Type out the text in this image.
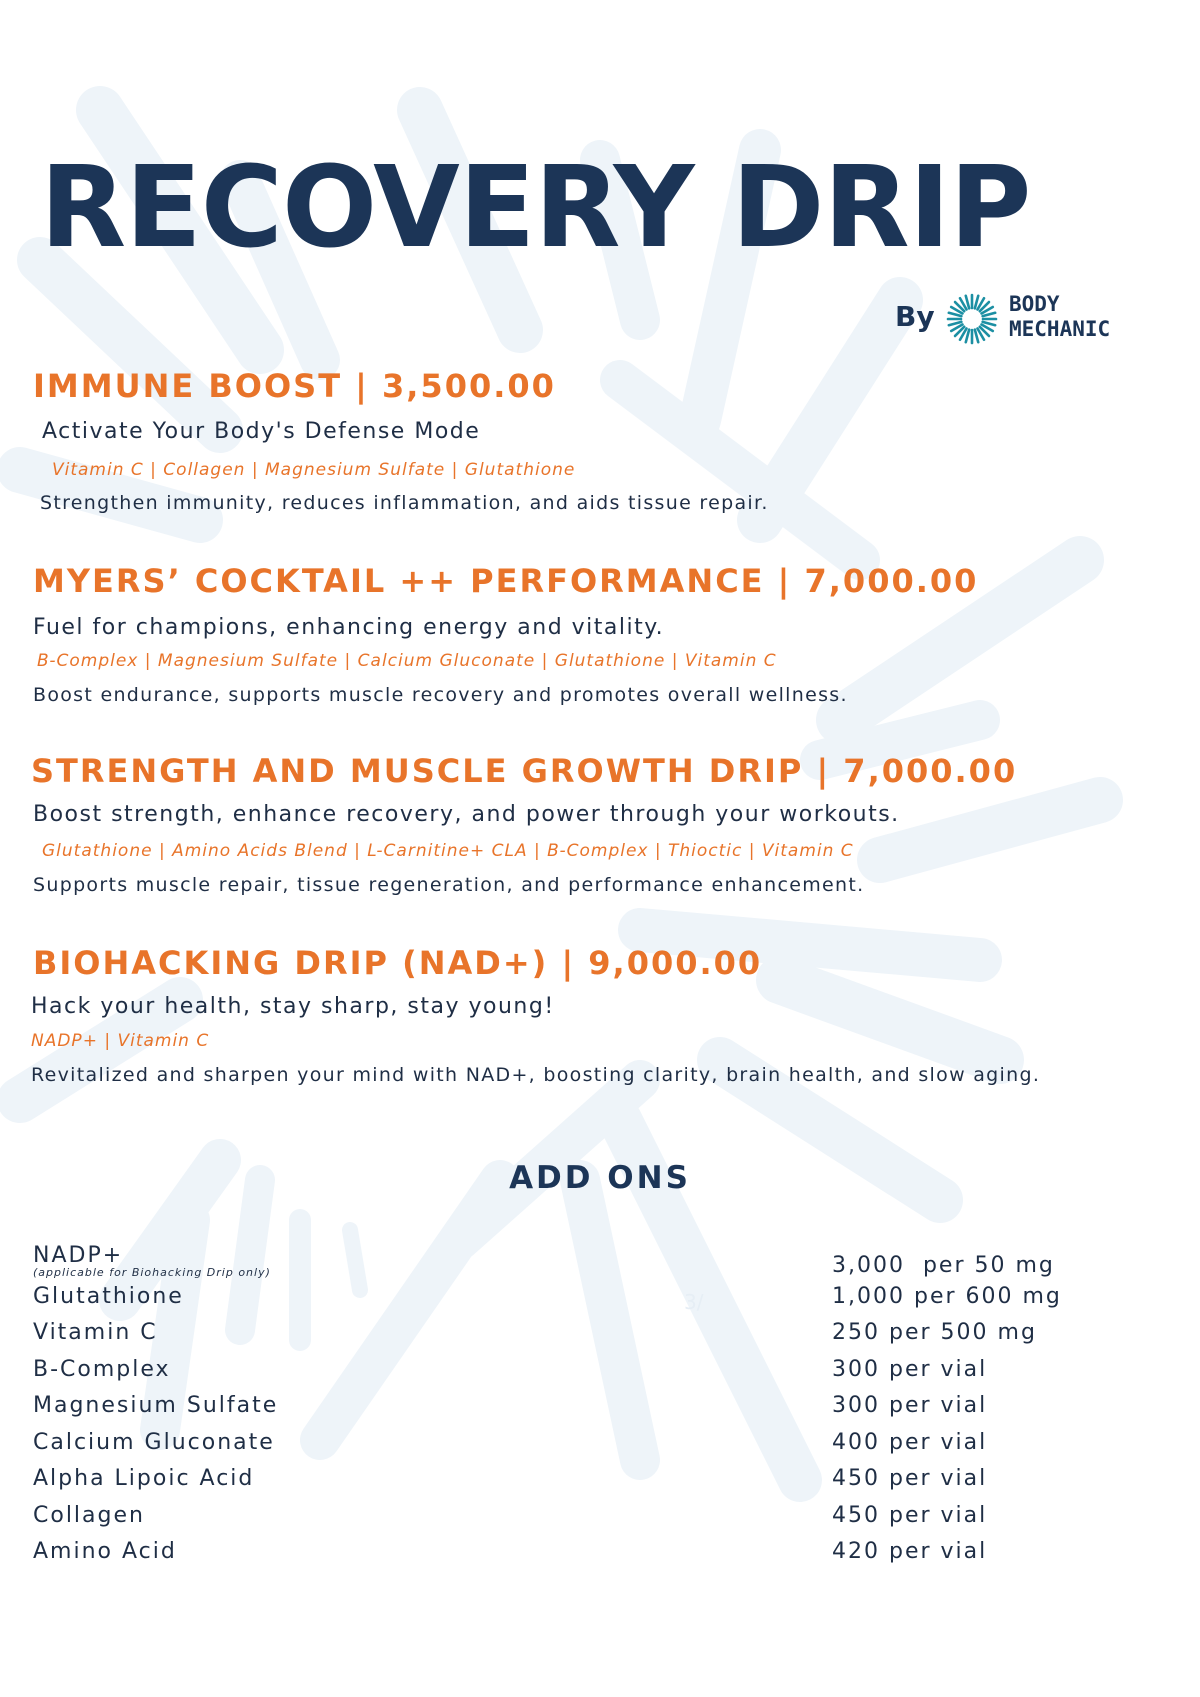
RECOVERY DRIP
By	BODY
MECHANIC
IMMUNE BOOST | 3,500.00
Activate Your Body's Defense Mode
Vitamin C | Collagen | Magnesium Sulfate | Glutathione
Strengthen immunity, reduces inflammation, and aids tissue repair.
MYERS’ COCKTAIL ++ PERFORMANCE | 7,000.00
Fuel for champions, enhancing energy and vitality.
B-Complex | Magnesium Sulfate | Calcium Gluconate | Glutathione | Vitamin C
Boost endurance, supports muscle recovery and promotes overall wellness.
STRENGTH AND MUSCLE GROWTH DRIP | 7,000.00
Boost strength, enhance recovery, and power through your workouts.
Glutathione | Amino Acids Blend | L-Carnitine+ CLA | B-Complex | Thioctic | Vitamin C
Supports muscle repair, tissue regeneration, and performance enhancement.
BIOHACKING DRIP (NAD+) | 9,000.00
Hack your health, stay sharp, stay young!
NADP+ | Vitamin C
Revitalized and sharpen your mind with NAD+, boosting clarity, brain health, and slow aging.
ADD ONS
3/
NADP+	3,000  per 50 mg
(applicable for Biohacking Drip only)
Glutathione	1,000 per 600 mg
Vitamin C	250 per 500 mg
B-Complex	300 per vial
Magnesium Sulfate	300 per vial
Calcium Gluconate	400 per vial
Alpha Lipoic Acid	450 per vial
Collagen	450 per vial
Amino Acid	420 per vial
